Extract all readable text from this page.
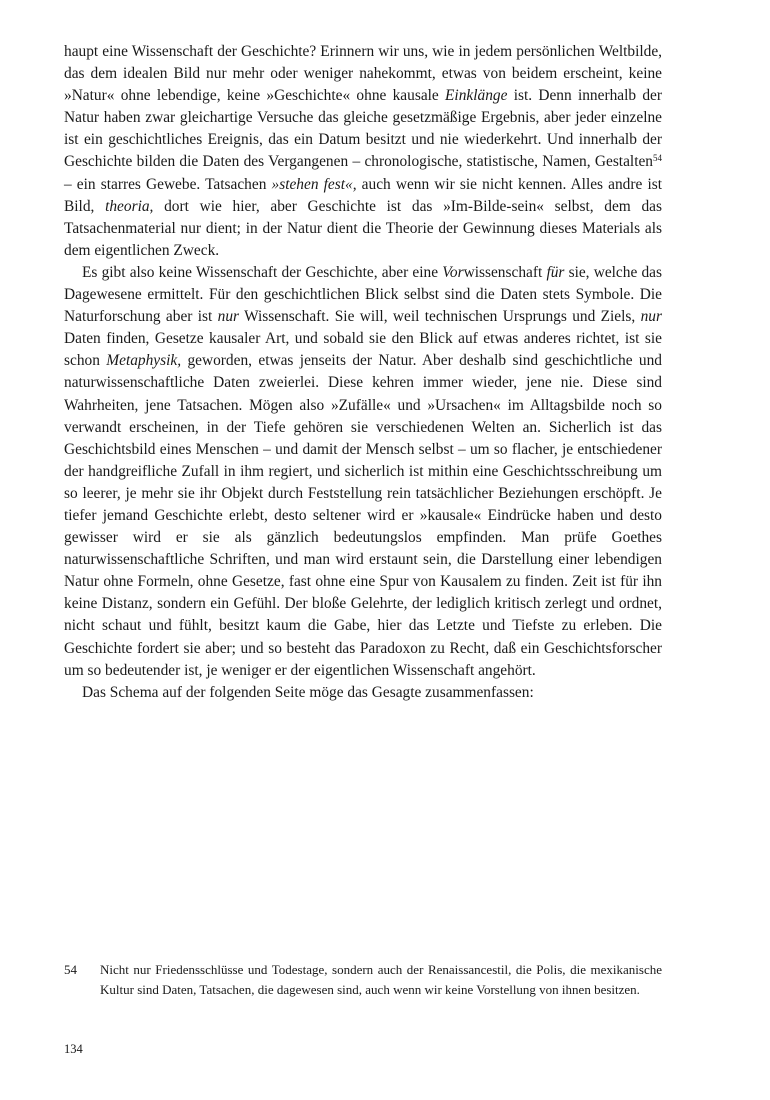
haupt eine Wissenschaft der Geschichte? Erinnern wir uns, wie in jedem persönlichen Weltbilde, das dem idealen Bild nur mehr oder weniger nahekommt, etwas von beidem erscheint, keine »Natur« ohne lebendige, keine »Geschichte« ohne kausale Einklänge ist. Denn innerhalb der Natur haben zwar gleichartige Versuche das gleiche gesetzmäßige Ergebnis, aber jeder einzelne ist ein geschichtliches Ereignis, das ein Datum besitzt und nie wiederkehrt. Und innerhalb der Geschichte bilden die Daten des Vergangenen – chronologische, statistische, Namen, Gestalten$^{54}$ – ein starres Gewebe. Tatsachen »stehen fest«, auch wenn wir sie nicht kennen. Alles andre ist Bild, theoria, dort wie hier, aber Geschichte ist das »Im-Bilde-sein« selbst, dem das Tatsachenmaterial nur dient; in der Natur dient die Theorie der Gewinnung dieses Materials als dem eigentlichen Zweck.

Es gibt also keine Wissenschaft der Geschichte, aber eine Vorwissenschaft für sie, welche das Dagewesene ermittelt. Für den geschichtlichen Blick selbst sind die Daten stets Symbole. Die Naturforschung aber ist nur Wissenschaft. Sie will, weil technischen Ursprungs und Ziels, nur Daten finden, Gesetze kausaler Art, und sobald sie den Blick auf etwas anderes richtet, ist sie schon Metaphysik, geworden, etwas jenseits der Natur. Aber deshalb sind geschichtliche und naturwissenschaftliche Daten zweierlei. Diese kehren immer wieder, jene nie. Diese sind Wahrheiten, jene Tatsachen. Mögen also »Zufälle« und »Ursachen« im Alltagsbilde noch so verwandt erscheinen, in der Tiefe gehören sie verschiedenen Welten an. Sicherlich ist das Geschichtsbild eines Menschen – und damit der Mensch selbst – um so flacher, je entschiedener der handgreifliche Zufall in ihm regiert, und sicherlich ist mithin eine Geschichtsschreibung um so leerer, je mehr sie ihr Objekt durch Feststellung rein tatsächlicher Beziehungen erschöpft. Je tiefer jemand Geschichte erlebt, desto seltener wird er »kausale« Eindrücke haben und desto gewisser wird er sie als gänzlich bedeutungslos empfinden. Man prüfe Goethes naturwissenschaftliche Schriften, und man wird erstaunt sein, die Darstellung einer lebendigen Natur ohne Formeln, ohne Gesetze, fast ohne eine Spur von Kausalem zu finden. Zeit ist für ihn keine Distanz, sondern ein Gefühl. Der bloße Gelehrte, der lediglich kritisch zerlegt und ordnet, nicht schaut und fühlt, besitzt kaum die Gabe, hier das Letzte und Tiefste zu erleben. Die Geschichte fordert sie aber; und so besteht das Paradoxon zu Recht, daß ein Geschichtsforscher um so bedeutender ist, je weniger er der eigentlichen Wissenschaft angehört.

Das Schema auf der folgenden Seite möge das Gesagte zusammenfassen:

54	Nicht nur Friedensschlüsse und Todestage, sondern auch der Renaissancestil, die Polis, die mexikanische Kultur sind Daten, Tatsachen, die dagewesen sind, auch wenn wir keine Vorstellung von ihnen besitzen.
134
